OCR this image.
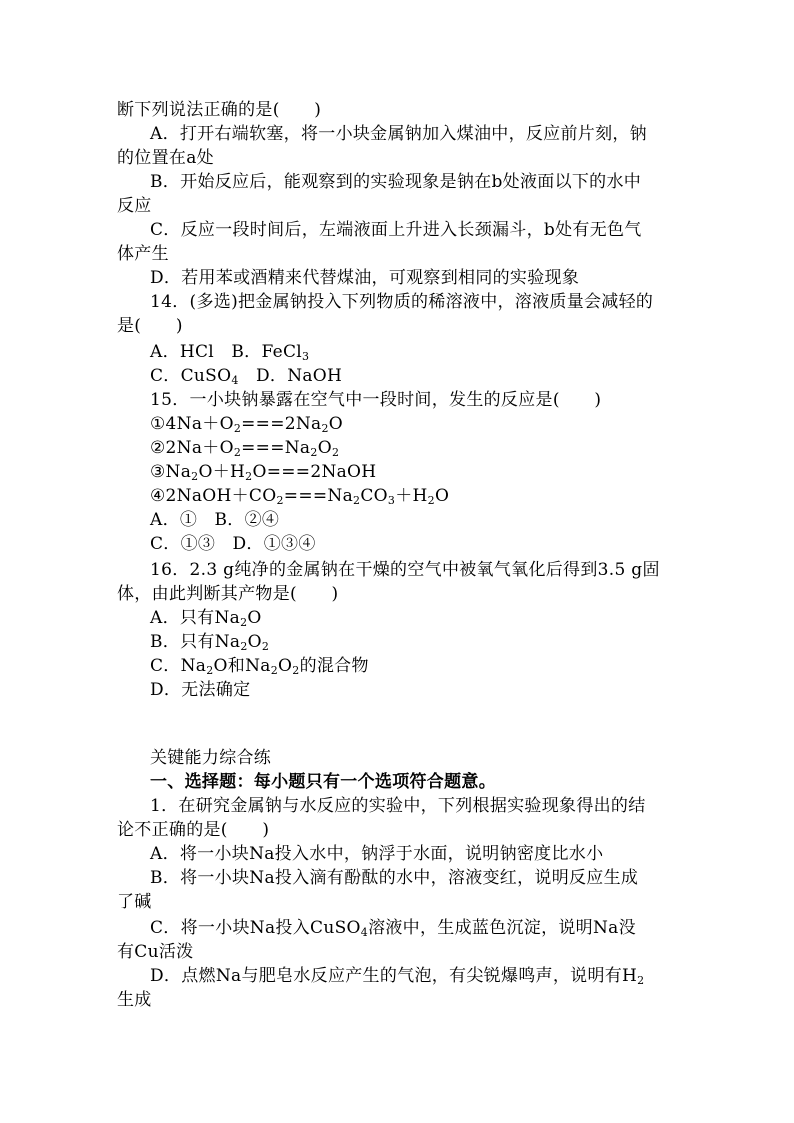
断下列说法正确的是(　　)
A．打开右端软塞，将一小块金属钠加入煤油中，反应前片刻，钠
的位置在a处
B．开始反应后，能观察到的实验现象是钠在b处液面以下的水中
反应
C．反应一段时间后，左端液面上升进入长颈漏斗，b处有无色气
体产生
D．若用苯或酒精来代替煤油，可观察到相同的实验现象
14．(多选)把金属钠投入下列物质的稀溶液中，溶液质量会减轻的
是(　　)
A．HCl　B．FeCl$_3$
C．CuSO$_4$　D．NaOH
15．一小块钠暴露在空气中一段时间，发生的反应是(　　)
$①4Na+O_2===2Na_2O$
$②2Na+O_2===Na_2O_2$
$③Na_2O+H_2O===2NaOH$
$④2NaOH+CO_2===Na_2CO_3+H_2O$
A．①　B．②④
C．①③　D．①③④
16．2.3 g纯净的金属钠在干燥的空气中被氧气氧化后得到3.5 g固
体，由此判断其产物是(　　)
A．只有$Na_2O$
B．只有$Na_2O_2$
C．$Na_2O$和$Na_2O_2$的混合物
D．无法确定
关键能力综合练
一、选择题：每小题只有一个选项符合题意。
1．在研究金属钠与水反应的实验中，下列根据实验现象得出的结
论不正确的是(　　)
A．将一小块Na投入水中，钠浮于水面，说明钠密度比水小
B．将一小块Na投入滴有酚酞的水中，溶液变红，说明反应生成
了碱
C．将一小块Na投入CuSO$_4$溶液中，生成蓝色沉淀，说明Na没
有Cu活泼
D．点燃Na与肥皂水反应产生的气泡，有尖锐爆鸣声，说明有$H_2$
生成
